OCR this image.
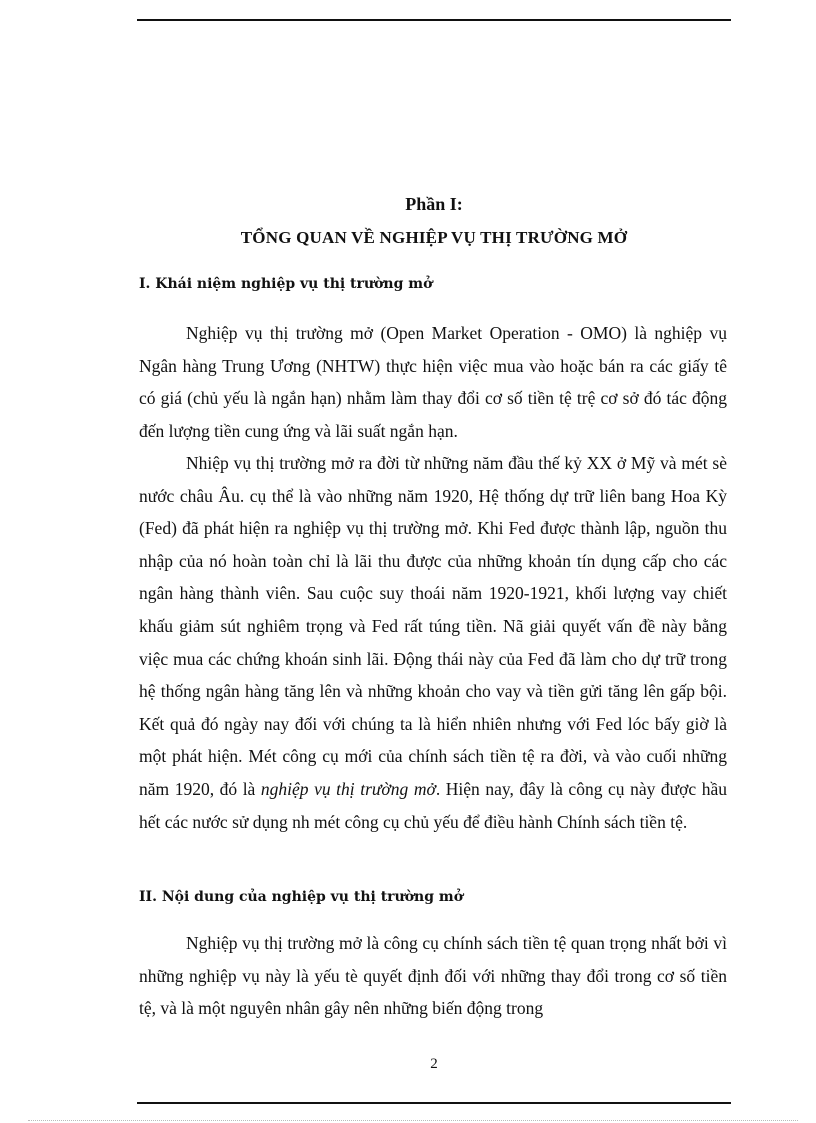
Phần I:
TỔNG QUAN VỀ NGHIỆP VỤ THỊ TRƯỜNG MỞ
I. Khái niệm nghiệp vụ thị trường mở

Nghiệp vụ thị trường mở (Open Market Operation - OMO) là nghiệp vụ Ngân hàng Trung Ương (NHTW) thực hiện việc mua vào hoặc bán ra các giấy tê có giá (chủ yếu là ngắn hạn) nhằm làm thay đổi cơ số tiền tệ trệ cơ sở đó tác động đến lượng tiền cung ứng và lãi suất ngắn hạn.

Nhiệp vụ thị trường mở ra đời từ những năm đầu thế kỷ XX ở Mỹ và mét sè nước châu Âu. cụ thể là vào những năm 1920, Hệ thống dự trữ liên bang Hoa Kỳ (Fed) đã phát hiện ra nghiệp vụ thị trường mở. Khi Fed được thành lập, nguồn thu nhập của nó hoàn toàn chỉ là lãi thu được của những khoản tín dụng cấp cho các ngân hàng thành viên. Sau cuộc suy thoái năm 1920-1921, khối lượng vay chiết khấu giảm sút nghiêm trọng và Fed rất túng tiền. Nã giải quyết vấn đề này bằng việc mua các chứng khoán sinh lãi. Động thái này của Fed đã làm cho dự trữ trong hệ thống ngân hàng tăng lên và những khoản cho vay và tiền gửi tăng lên gấp bội. Kết quả đó ngày nay đối với chúng ta là hiển nhiên nhưng với Fed lóc bấy giờ là một phát hiện. Mét công cụ mới của chính sách tiền tệ ra đời, và vào cuối những năm 1920, đó là nghiệp vụ thị trường mở. Hiện nay, đây là công cụ này được hầu hết các nước sử dụng nh mét công cụ chủ yếu để điều hành Chính sách tiền tệ.

II. Nội dung của nghiệp vụ thị trường mở

Nghiệp vụ thị trường mở là công cụ chính sách tiền tệ quan trọng nhất bởi vì những nghiệp vụ này là yếu tè quyết định đối với những thay đổi trong cơ số tiền tệ, và là một nguyên nhân gây nên những biến động trong

2
